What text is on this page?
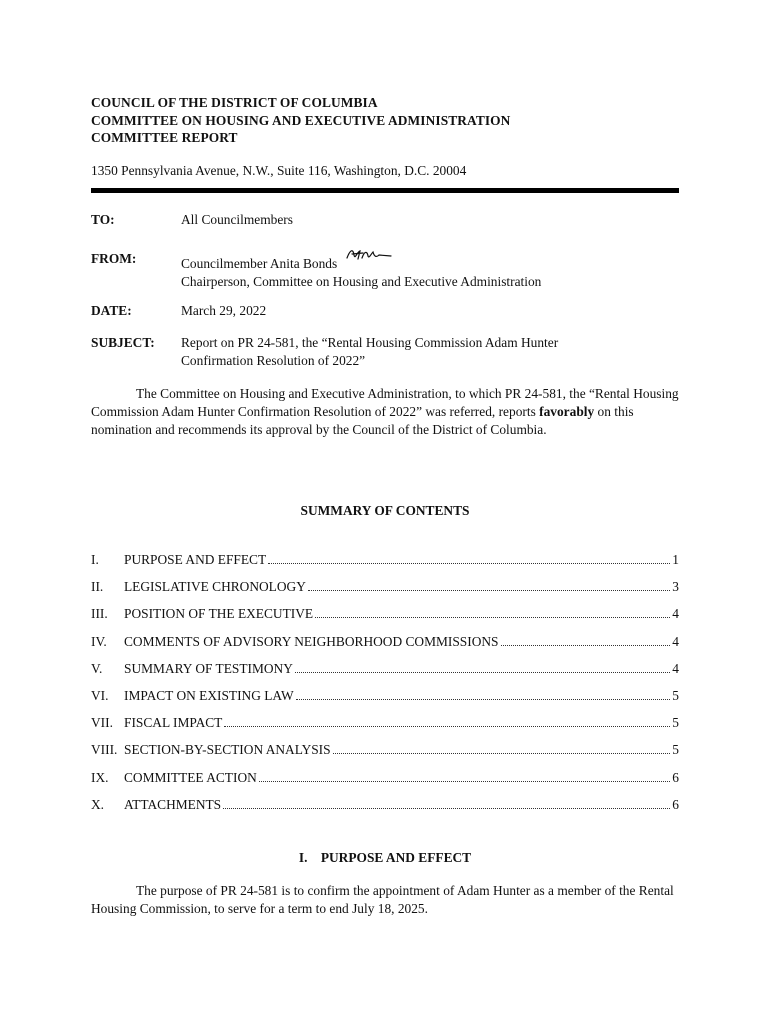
COUNCIL OF THE DISTRICT OF COLUMBIA
COMMITTEE ON HOUSING AND EXECUTIVE ADMINISTRATION
COMMITTEE REPORT
1350 Pennsylvania Avenue, N.W., Suite 116, Washington, D.C. 20004
TO:	All Councilmembers
FROM:	Councilmember Anita Bonds
Chairperson, Committee on Housing and Executive Administration
DATE:	March 29, 2022
SUBJECT: Report on PR 24-581, the “Rental Housing Commission Adam Hunter
Confirmation Resolution of 2022”
The Committee on Housing and Executive Administration, to which PR 24-581, the “Rental Housing Commission Adam Hunter Confirmation Resolution of 2022” was referred, reports favorably on this nomination and recommends its approval by the Council of the District of Columbia.
SUMMARY OF CONTENTS
I.	PURPOSE AND EFFECT	1
II.	LEGISLATIVE CHRONOLOGY	3
III.	POSITION OF THE EXECUTIVE	4
IV.	COMMENTS OF ADVISORY NEIGHBORHOOD COMMISSIONS	4
V.	SUMMARY OF TESTIMONY	4
VI.	IMPACT ON EXISTING LAW	5
VII. FISCAL IMPACT	5
VIII. SECTION-BY-SECTION ANALYSIS	5
IX.	COMMITTEE ACTION	6
X.	ATTACHMENTS	6
I. PURPOSE AND EFFECT
The purpose of PR 24-581 is to confirm the appointment of Adam Hunter as a member of the Rental Housing Commission, to serve for a term to end July 18, 2025.
